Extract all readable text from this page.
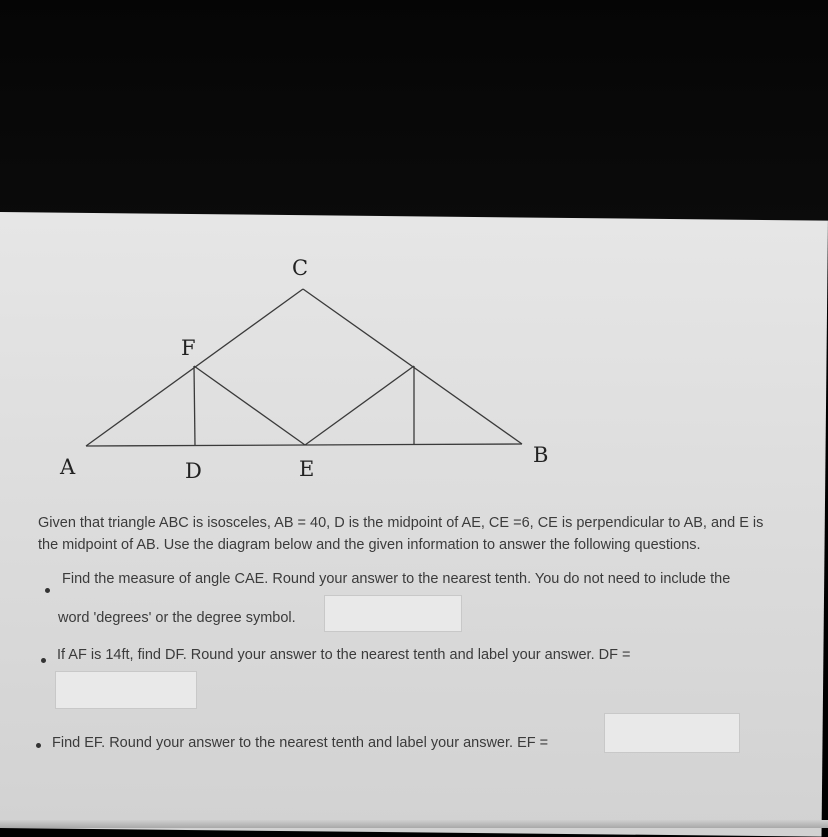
C
F
A	D	E
B

Given that triangle ABC is isosceles, AB = 40, D is the midpoint of AE, CE =6, CE is perpendicular to AB, and E is

the midpoint of AB. Use the diagram below and the given information to answer the following questions.

Find the measure of angle CAE. Round your answer to the nearest tenth. You do not need to include the
word 'degrees' or the degree symbol.
If AF is 14ft, find DF. Round your answer to the nearest tenth and label your answer. DF =
Find EF. Round your answer to the nearest tenth and label your answer. EF =
